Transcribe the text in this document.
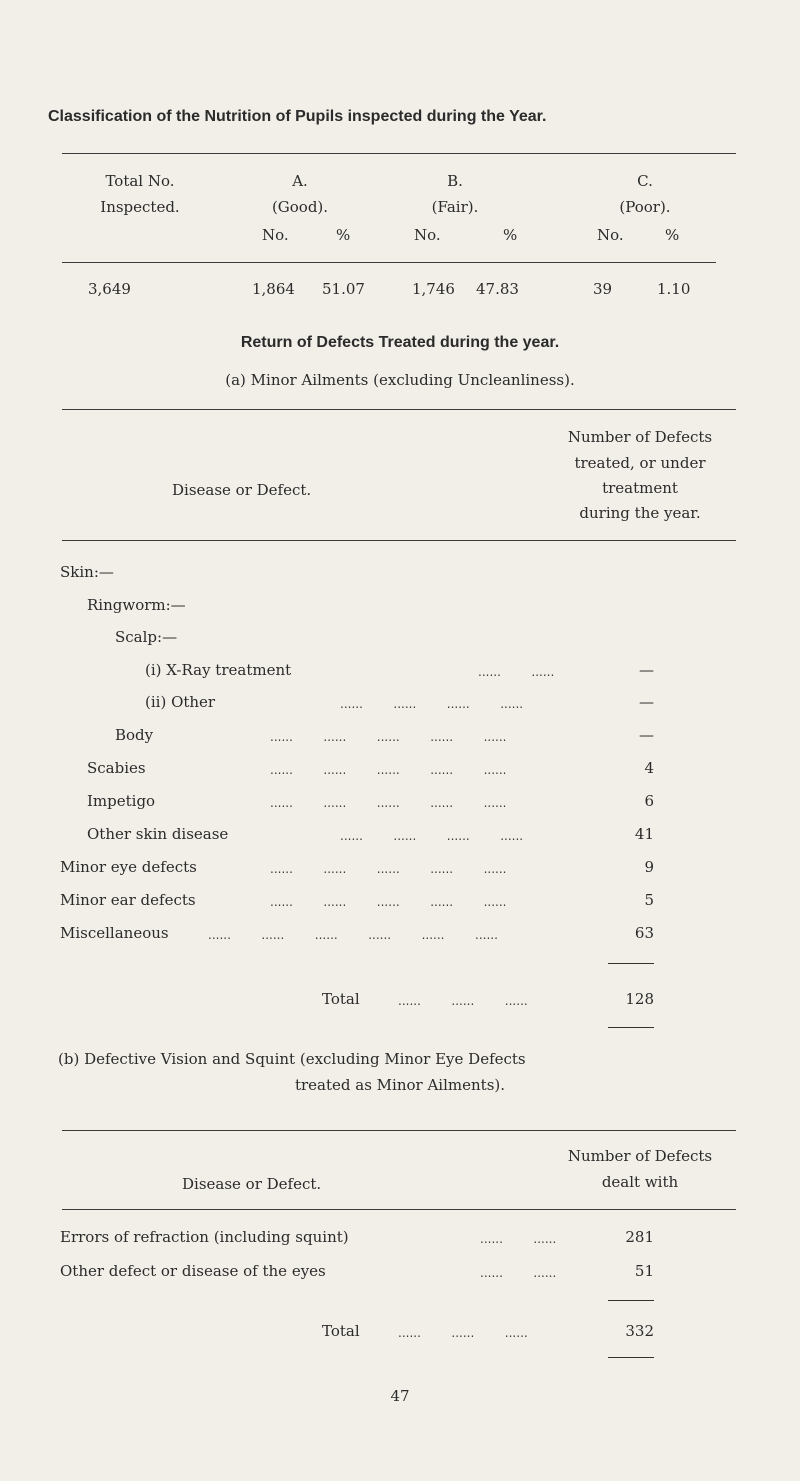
Classification of the Nutrition of Pupils inspected during the Year.
Total No.
Inspected.
A.
(Good).
No.	%
B.
(Fair).
No.	%
C.
(Poor).
No.	%
3,649	1,864 51.07	1,746 47.83	39	1.10
Return of Defects Treated during the year.
(a) Minor Ailments (excluding Uncleanliness).
Disease or Defect.
Number of Defects
treated, or under
treatment
during the year.
Skin:—
Ringworm:—
Scalp:—
(i) X-Ray treatment	......        ......	—
(ii) Other	......        ......        ......        ......	—
Body	......        ......        ......        ......        ......	—
Scabies	......        ......        ......        ......        ......	4
Impetigo	......        ......        ......        ......        ......	6
Other skin disease	......        ......        ......        ......	41
Minor eye defects	......        ......        ......        ......        ......	9
Minor ear defects	......        ......        ......        ......        ......	5
Miscellaneous	......        ......        ......        ......        ......        ......	63
Total	......        ......        ......	128
(b) Defective Vision and Squint (excluding Minor Eye Defects
treated as Minor Ailments).
Disease or Defect.
Number of Defects
dealt with
Errors of refraction (including squint)	......        ......	281
Other defect or disease of the eyes	......        ......	51
Total	......        ......        ......	332
47
